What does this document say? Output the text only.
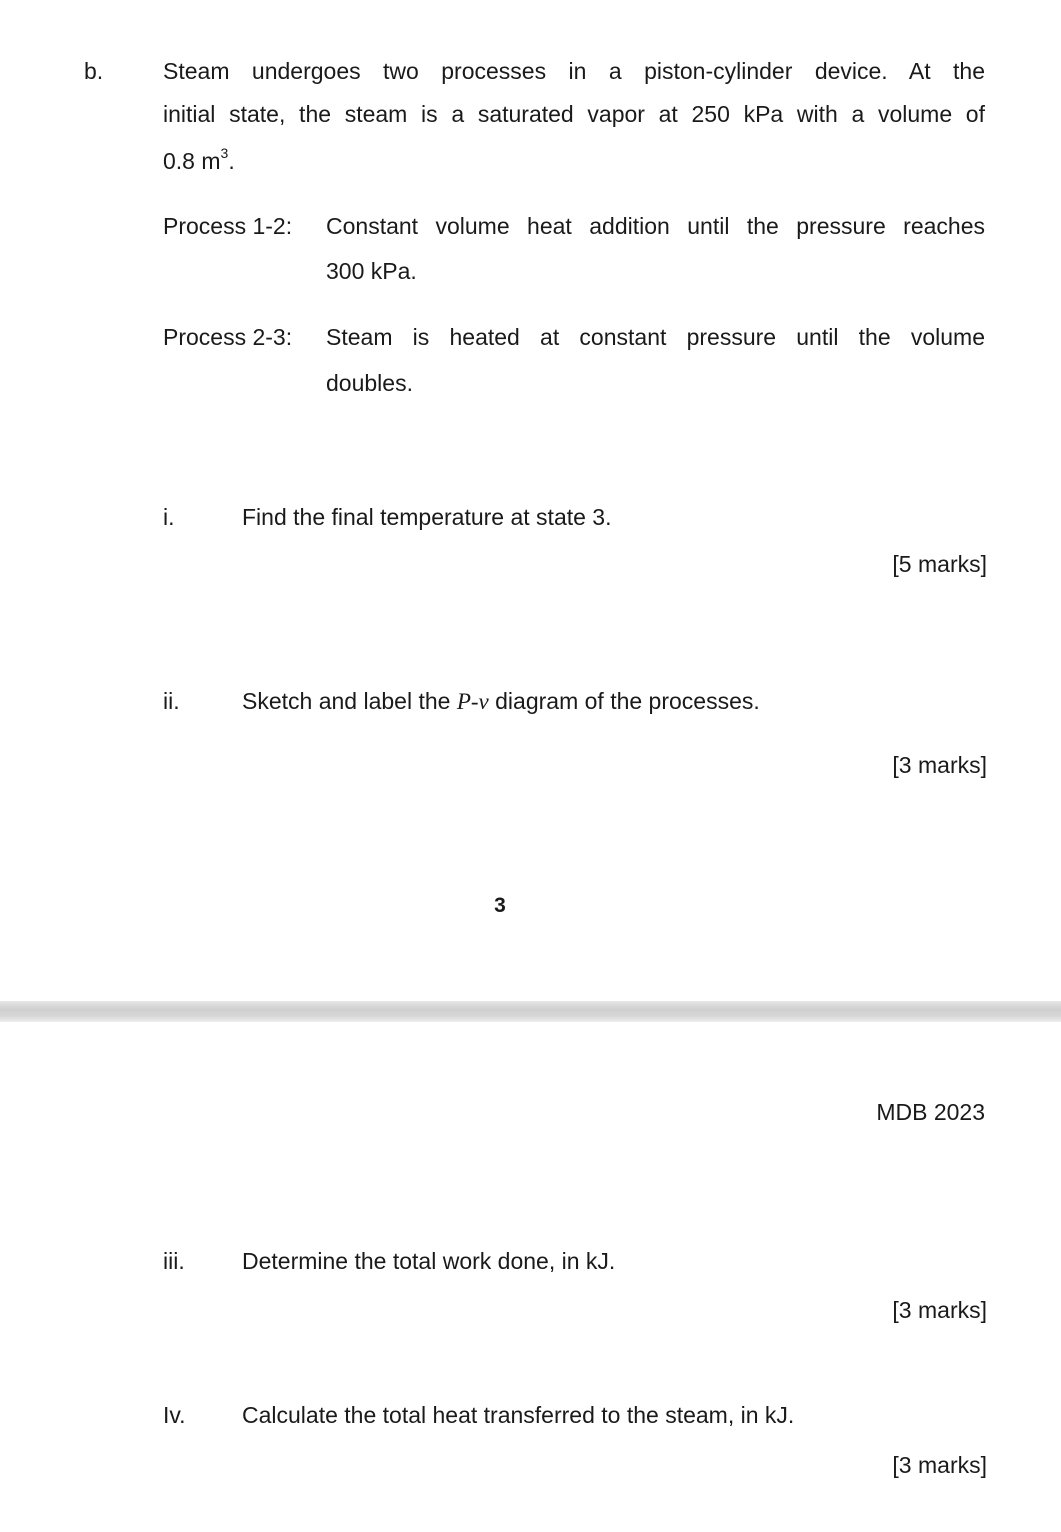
b.	Steam undergoes two processes in a piston-cylinder device. At the
initial state, the steam is a saturated vapor at 250 kPa with a volume of
0.8 $m^3$.
Process 1-2: Constant volume heat addition until the pressure reaches
300 kPa.
Process 2-3: Steam is heated at constant pressure until the volume
doubles.
i.	Find the final temperature at state 3.
[5 marks]
ii.	Sketch and label the P-v diagram of the processes.
[3 marks]
3
MDB 2023
iii. Determine the total work done, in kJ.
[3 marks]
Iv. Calculate the total heat transferred to the steam, in kJ.
[3 marks]
